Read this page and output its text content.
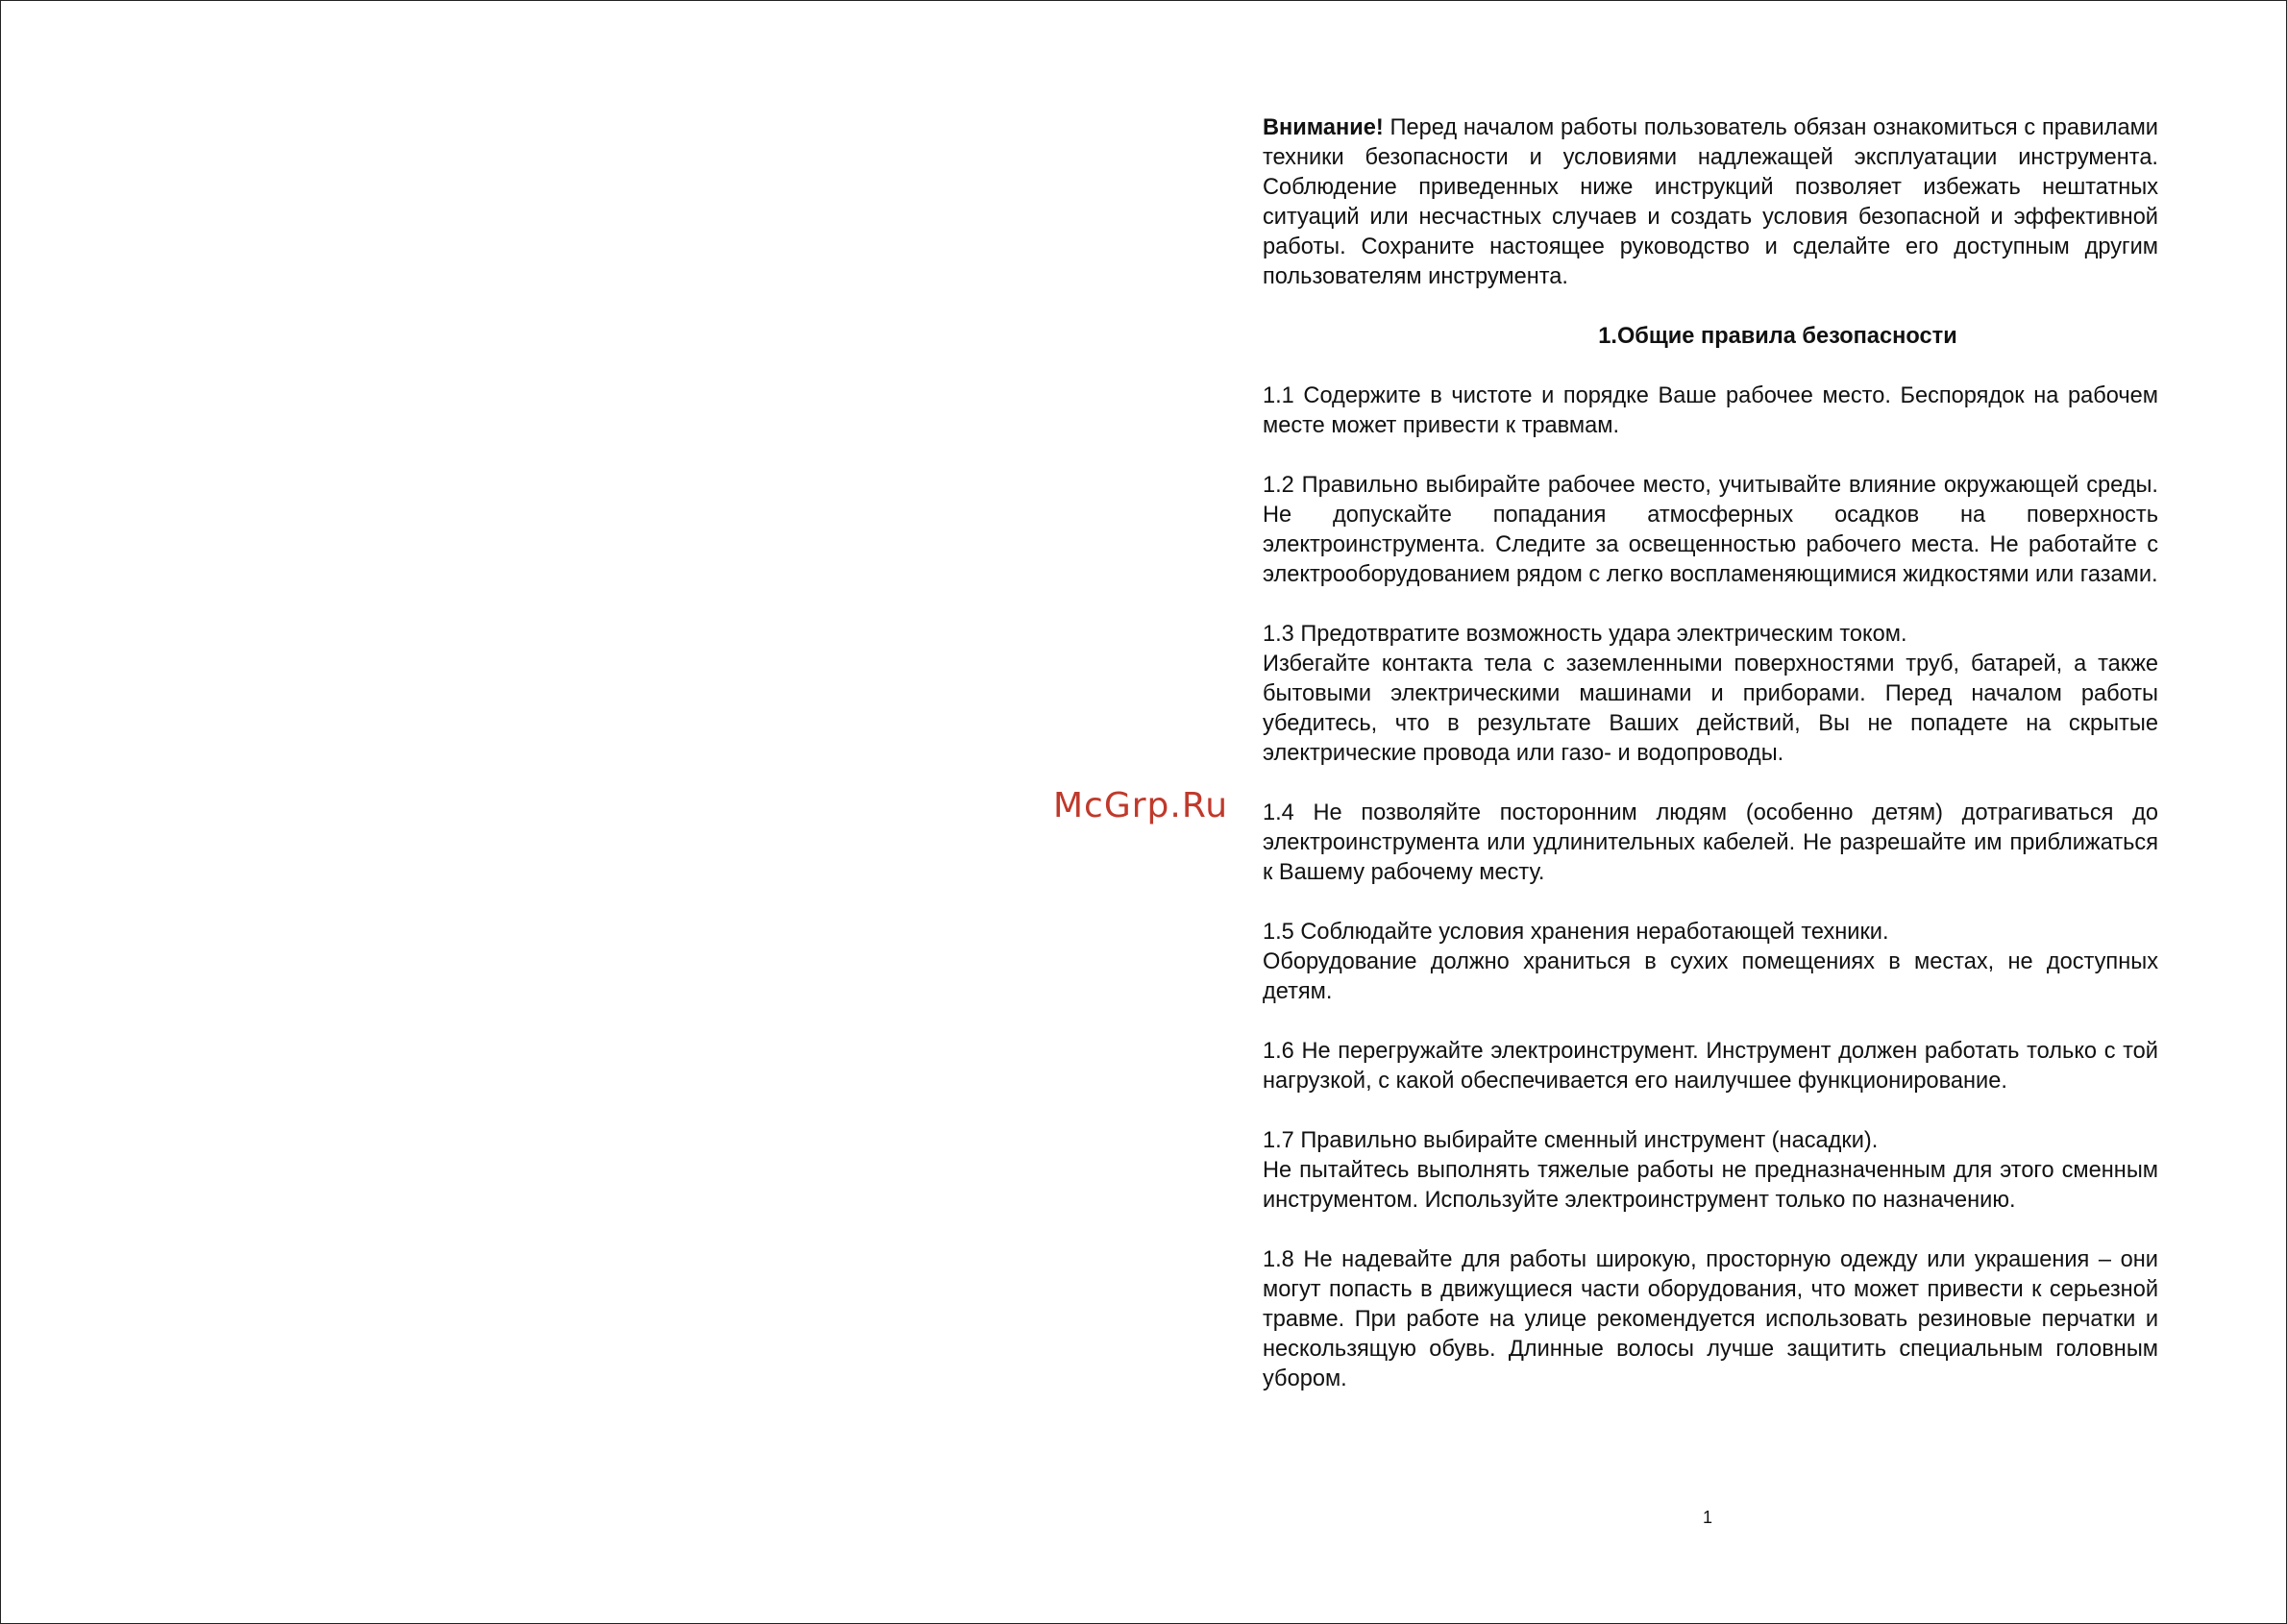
McGrp.Ru

Внимание! Перед началом работы пользователь обязан ознакомиться с правилами техники безопасности и условиями надлежащей эксплуатации инструмента. Соблюдение приведенных ниже инструкций позволяет избежать нештатных ситуаций или несчастных случаев и создать условия безопасной и эффективной работы. Сохраните настоящее руководство и сделайте его доступным другим пользователям инструмента.

1.Общие правила безопасности

1.1 Содержите в чистоте и порядке Ваше рабочее место. Беспорядок на рабочем месте может привести к травмам.

1.2 Правильно выбирайте рабочее место, учитывайте влияние окружающей среды. Не допускайте попадания атмосферных осадков на поверхность электроинструмента. Следите за освещенностью рабочего места. Не работайте с электрооборудованием рядом с легко воспламеняющимися жидкостями или газами.

1.3 Предотвратите возможность удара электрическим током.
Избегайте контакта тела с заземленными поверхностями труб, батарей, а также бытовыми электрическими машинами и приборами. Перед началом работы убедитесь, что в результате Ваших действий, Вы не попадете на скрытые электрические провода или газо- и водопроводы.

1.4 Не позволяйте посторонним людям (особенно детям) дотрагиваться до электроинструмента или удлинительных кабелей. Не разрешайте им приближаться к Вашему рабочему месту.

1.5 Соблюдайте условия хранения неработающей техники.
Оборудование должно храниться в сухих помещениях в местах, не доступных детям.

1.6 Не перегружайте электроинструмент. Инструмент должен работать только с той нагрузкой, с какой обеспечивается его наилучшее функционирование.

1.7 Правильно выбирайте сменный инструмент (насадки).
Не пытайтесь выполнять тяжелые работы не предназначенным для этого сменным инструментом. Используйте электроинструмент только по назначению.

1.8 Не надевайте для работы широкую, просторную одежду или украшения – они могут попасть в движущиеся части оборудования, что может привести к серьезной травме. При работе на улице рекомендуется использовать резиновые перчатки и нескользящую обувь. Длинные волосы лучше защитить специальным головным убором.

1
